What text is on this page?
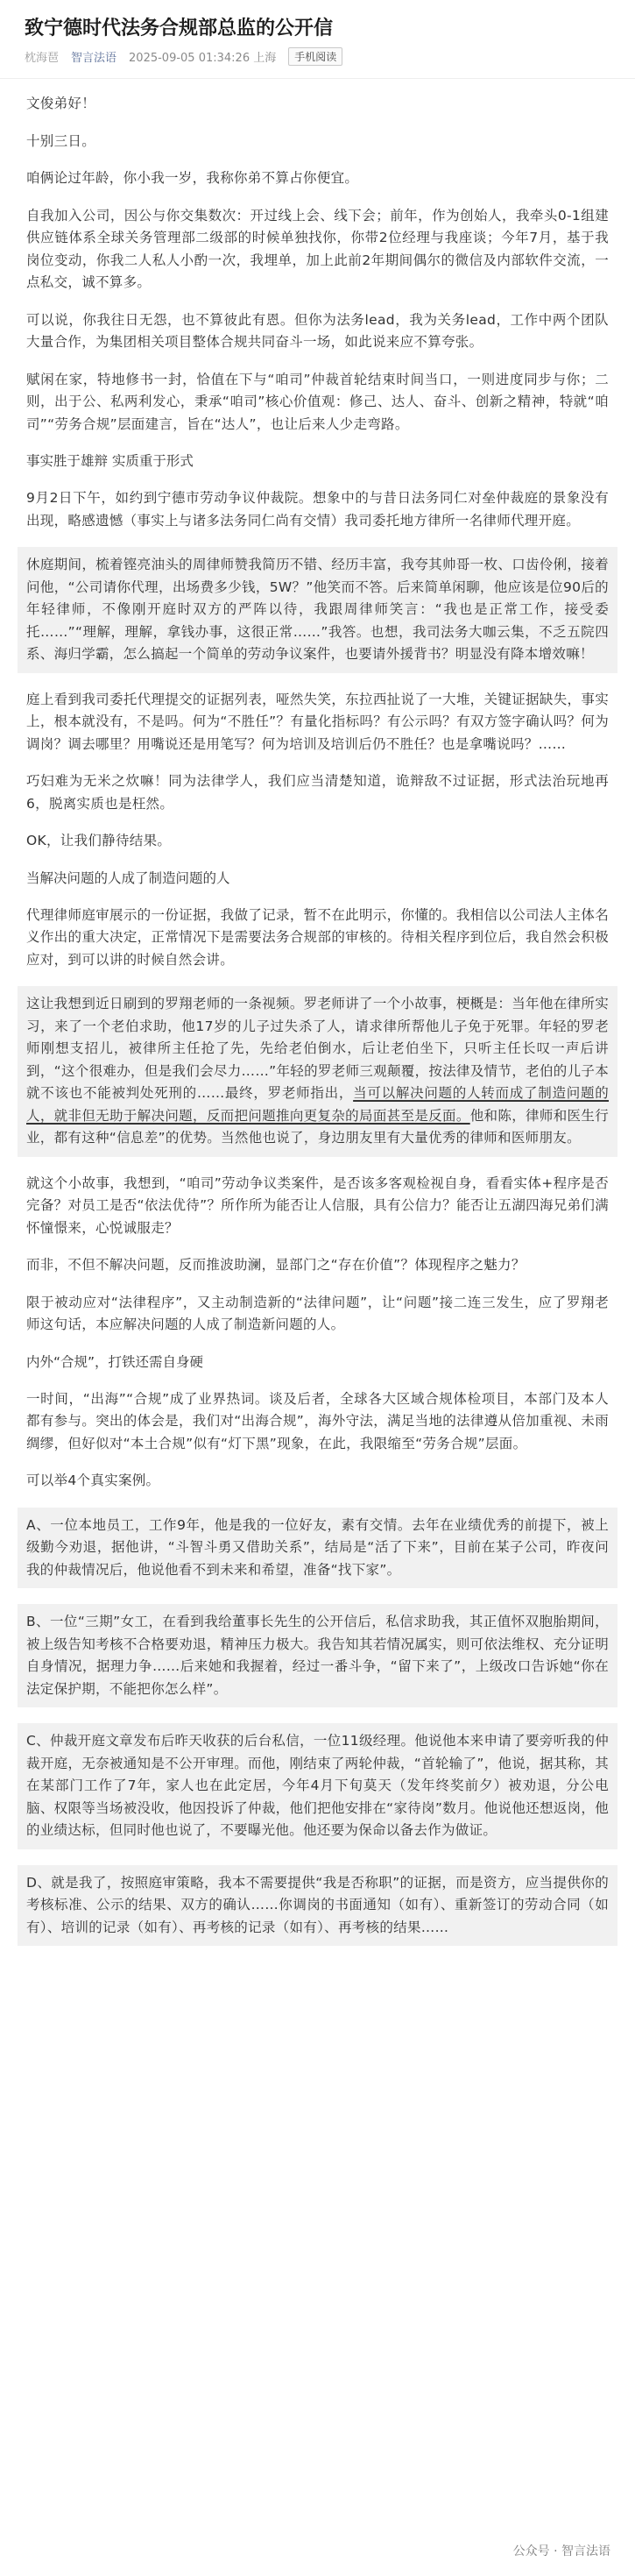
致宁德时代法务合规部总监的公开信
枕海琶 智言法语 2025-09-05 01:34:26 上海	手机阅读

文俊弟好！

十别三日。

咱俩论过年龄，你小我一岁，我称你弟不算占你便宜。

自我加入公司，因公与你交集数次：开过线上会、线下会；前年，作为创始人，我牵头0-1组建供应链体系全球关务管理部二级部的时候单独找你，你带2位经理与我座谈；今年7月，基于我岗位变动，你我二人私人小酌一次，我埋单，加上此前2年期间偶尔的微信及内部软件交流，一点私交，诚不算多。

可以说，你我往日无怨，也不算彼此有恩。但你为法务lead，我为关务lead，工作中两个团队大量合作，为集团相关项目整体合规共同奋斗一场，如此说来应不算夸张。

赋闲在家，特地修书一封，恰值在下与“咱司”仲裁首轮结束时间当口，一则进度同步与你；二则，出于公、私两利发心，秉承“咱司”核心价值观：修己、达人、奋斗、创新之精神，特就“咱司”“劳务合规”层面建言，旨在“达人”，也让后来人少走弯路。

事实胜于雄辩 实质重于形式

9月2日下午，如约到宁德市劳动争议仲裁院。想象中的与昔日法务同仁对垒仲裁庭的景象没有出现，略感遗憾（事实上与诸多法务同仁尚有交情）我司委托地方律所一名律师代理开庭。

休庭期间，梳着铿亮油头的周律师赞我简历不错、经历丰富，我夸其帅哥一枚、口齿伶俐，接着问他，“公司请你代理，出场费多少钱，5W？”他笑而不答。后来简单闲聊，他应该是位90后的年轻律师，不像刚开庭时双方的严阵以待，我跟周律师笑言：“我也是正常工作，接受委托……”“理解，理解，拿钱办事，这很正常……”我答。也想，我司法务大咖云集，不乏五院四系、海归学霸，怎么搞起一个简单的劳动争议案件，也要请外援背书？明显没有降本增效嘛！

庭上看到我司委托代理提交的证据列表，哑然失笑，东拉西扯说了一大堆，关键证据缺失，事实上，根本就没有，不是吗。何为“不胜任”？有量化指标吗？有公示吗？有双方签字确认吗？何为调岗？调去哪里？用嘴说还是用笔写？何为培训及培训后仍不胜任？也是拿嘴说吗？……

巧妇难为无米之炊嘛！同为法律学人，我们应当清楚知道，诡辩敌不过证据，形式法治玩地再6，脱离实质也是枉然。

OK，让我们静待结果。

当解决问题的人成了制造问题的人

代理律师庭审展示的一份证据，我做了记录，暂不在此明示，你懂的。我相信以公司法人主体名义作出的重大决定，正常情况下是需要法务合规部的审核的。待相关程序到位后，我自然会积极应对，到可以讲的时候自然会讲。

这让我想到近日刷到的罗翔老师的一条视频。罗老师讲了一个小故事，梗概是：当年他在律所实习，来了一个老伯求助，他17岁的儿子过失杀了人，请求律所帮他儿子免于死罪。年轻的罗老师刚想支招儿，被律所主任抢了先，先给老伯倒水，后让老伯坐下，只听主任长叹一声后讲到，“这个很难办，但是我们会尽力……”年轻的罗老师三观颠覆，按法律及情节，老伯的儿子本就不该也不能被判处死刑的……最终，罗老师指出，当可以解决问题的人转而成了制造问题的人，就非但无助于解决问题，反而把问题推向更复杂的局面甚至是反面。他和陈，律师和医生行业，都有这种“信息差”的优势。当然他也说了，身边朋友里有大量优秀的律师和医师朋友。

就这个小故事，我想到，“咱司”劳动争议类案件，是否该多客观检视自身，看看实体+程序是否完备？对员工是否“依法优待”？所作所为能否让人信服，具有公信力？能否让五湖四海兄弟们满怀憧憬来，心悦诚服走？

而非，不但不解决问题，反而推波助澜，显部门之“存在价值”？体现程序之魅力？

限于被动应对“法律程序”，又主动制造新的“法律问题”，让“问题”接二连三发生，应了罗翔老师这句话，本应解决问题的人成了制造新问题的人。

内外“合规”，打铁还需自身硬

一时间，“出海”“合规”成了业界热词。谈及后者，全球各大区域合规体检项目，本部门及本人都有参与。突出的体会是，我们对“出海合规”，海外守法，满足当地的法律遵从倍加重视、未雨绸缪，但好似对“本土合规”似有“灯下黑”现象，在此，我限缩至“劳务合规”层面。

可以举4个真实案例。

A、一位本地员工，工作9年，他是我的一位好友，素有交情。去年在业绩优秀的前提下，被上级勤今劝退，据他讲，“斗智斗勇又借助关系”，结局是“活了下来”，目前在某子公司，昨夜问我的仲裁情况后，他说他看不到未来和希望，准备“找下家”。

B、一位“三期”女工，在看到我给董事长先生的公开信后，私信求助我，其正值怀双胞胎期间，被上级告知考核不合格要劝退，精神压力极大。我告知其若情况属实，则可依法维权、充分证明自身情况，据理力争……后来她和我握着，经过一番斗争，“留下来了”，上级改口告诉她“你在法定保护期，不能把你怎么样”。

C、仲裁开庭文章发布后昨天收获的后台私信，一位11级经理。他说他本来申请了要旁听我的仲裁开庭，无奈被通知是不公开审理。而他，刚结束了两轮仲裁，“首轮输了”，他说，据其称，其在某部门工作了7年，家人也在此定居，今年4月下旬莫天（发年终奖前夕）被劝退，分公电脑、权限等当场被没收，他因投诉了仲裁，他们把他安排在“家待岗”数月。他说他还想返岗，他的业绩达标，但同时他也说了，不要曝光他。他还要为保命以备去作为做证。

D、就是我了，按照庭审策略，我本不需要提供“我是否称职”的证据，而是资方，应当提供你的考核标准、公示的结果、双方的确认……你调岗的书面通知（如有）、重新签订的劳动合同（如有）、培训的记录（如有）、再考核的记录（如有）、再考核的结果……

公众号 · 智言法语
